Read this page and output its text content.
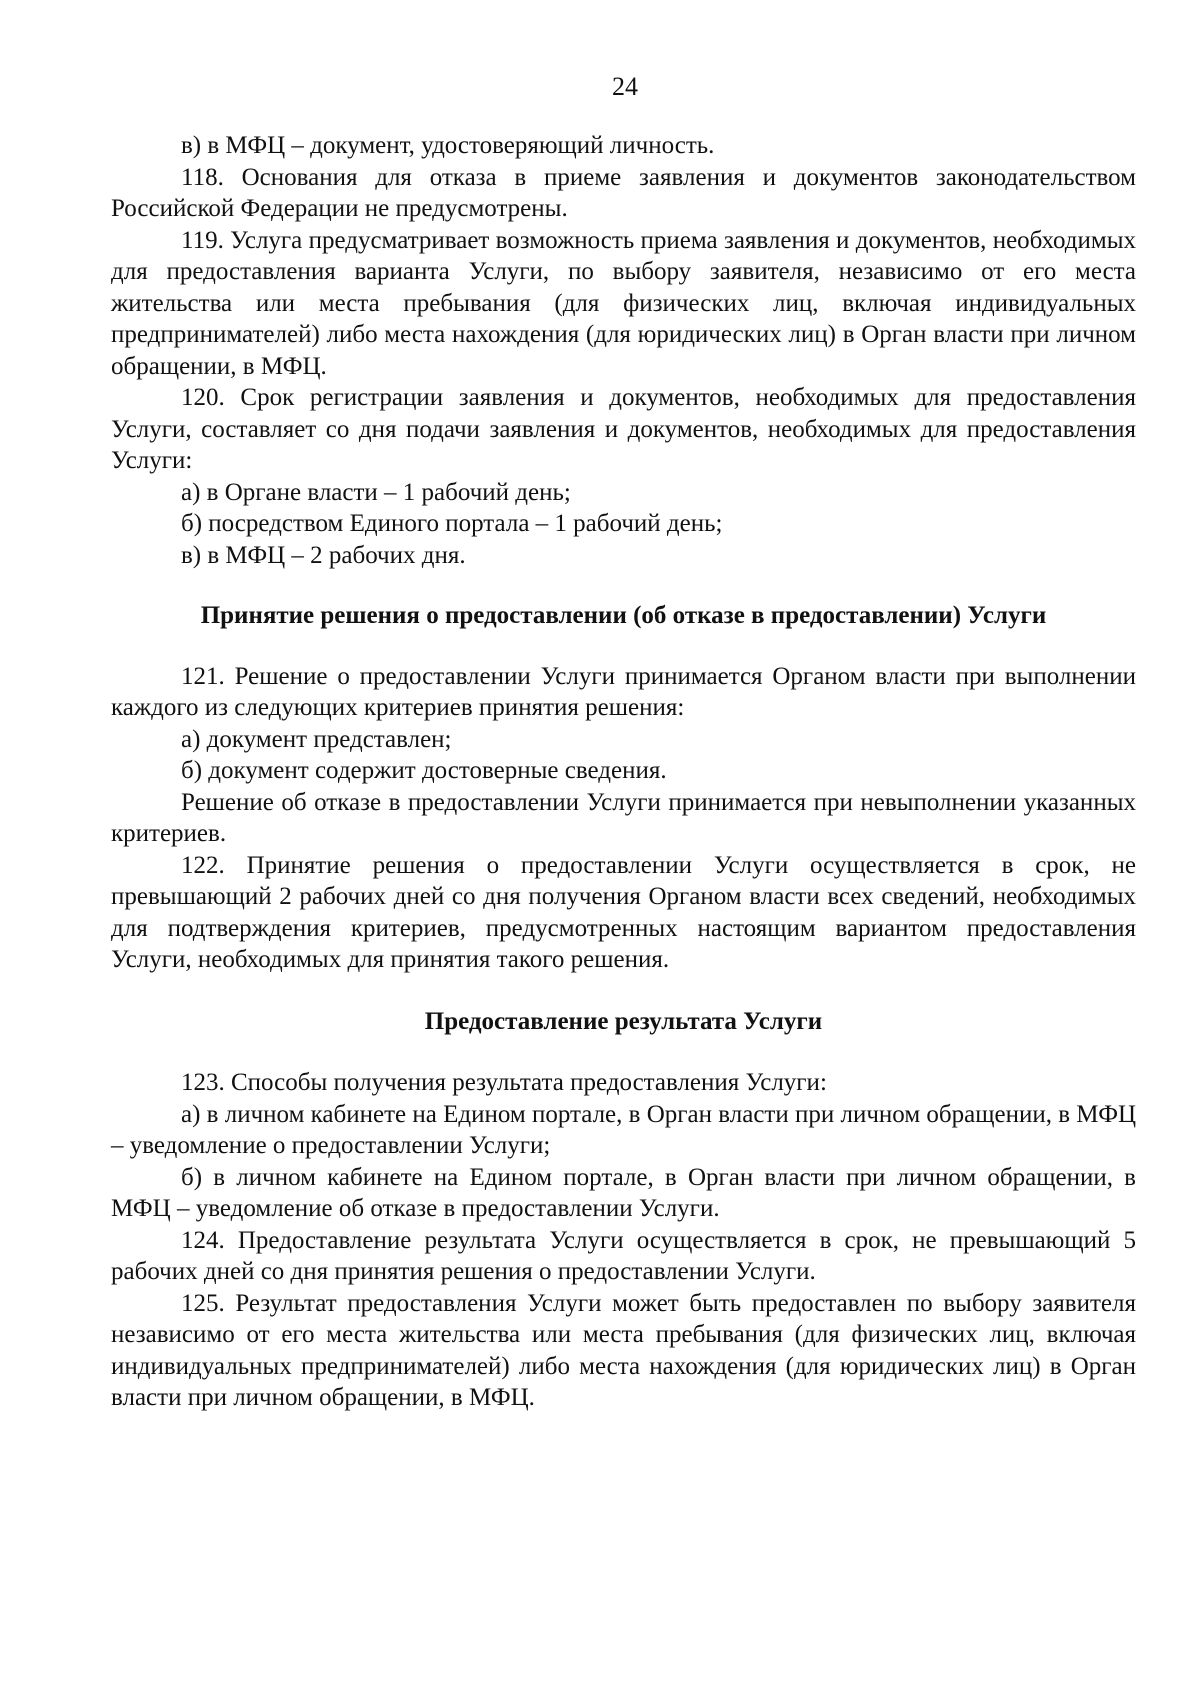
24

в) в МФЦ – документ, удостоверяющий личность.

118. Основания для отказа в приеме заявления и документов законодательством Российской Федерации не предусмотрены.

119. Услуга предусматривает возможность приема заявления и документов, необходимых для предоставления варианта Услуги, по выбору заявителя, независимо от его места жительства или места пребывания (для физических лиц, включая индивидуальных предпринимателей) либо места нахождения (для юридических лиц) в Орган власти при личном обращении, в МФЦ.

120. Срок регистрации заявления и документов, необходимых для предоставления Услуги, составляет со дня подачи заявления и документов, необходимых для предоставления Услуги:

а) в Органе власти – 1 рабочий день;

б) посредством Единого портала – 1 рабочий день;

в) в МФЦ – 2 рабочих дня.

Принятие решения о предоставлении (об отказе в предоставлении) Услуги

121. Решение о предоставлении Услуги принимается Органом власти при выполнении каждого из следующих критериев принятия решения:

а) документ представлен;

б) документ содержит достоверные сведения.

Решение об отказе в предоставлении Услуги принимается при невыполнении указанных критериев.

122. Принятие решения о предоставлении Услуги осуществляется в срок, не превышающий 2 рабочих дней со дня получения Органом власти всех сведений, необходимых для подтверждения критериев, предусмотренных настоящим вариантом предоставления Услуги, необходимых для принятия такого решения.

Предоставление результата Услуги

123. Способы получения результата предоставления Услуги:

а) в личном кабинете на Едином портале, в Орган власти при личном обращении, в МФЦ – уведомление о предоставлении Услуги;

б) в личном кабинете на Едином портале, в Орган власти при личном обращении, в МФЦ – уведомление об отказе в предоставлении Услуги.

124. Предоставление результата Услуги осуществляется в срок, не превышающий 5 рабочих дней со дня принятия решения о предоставлении Услуги.

125. Результат предоставления Услуги может быть предоставлен по выбору заявителя независимо от его места жительства или места пребывания (для физических лиц, включая индивидуальных предпринимателей) либо места нахождения (для юридических лиц) в Орган власти при личном обращении, в МФЦ.
